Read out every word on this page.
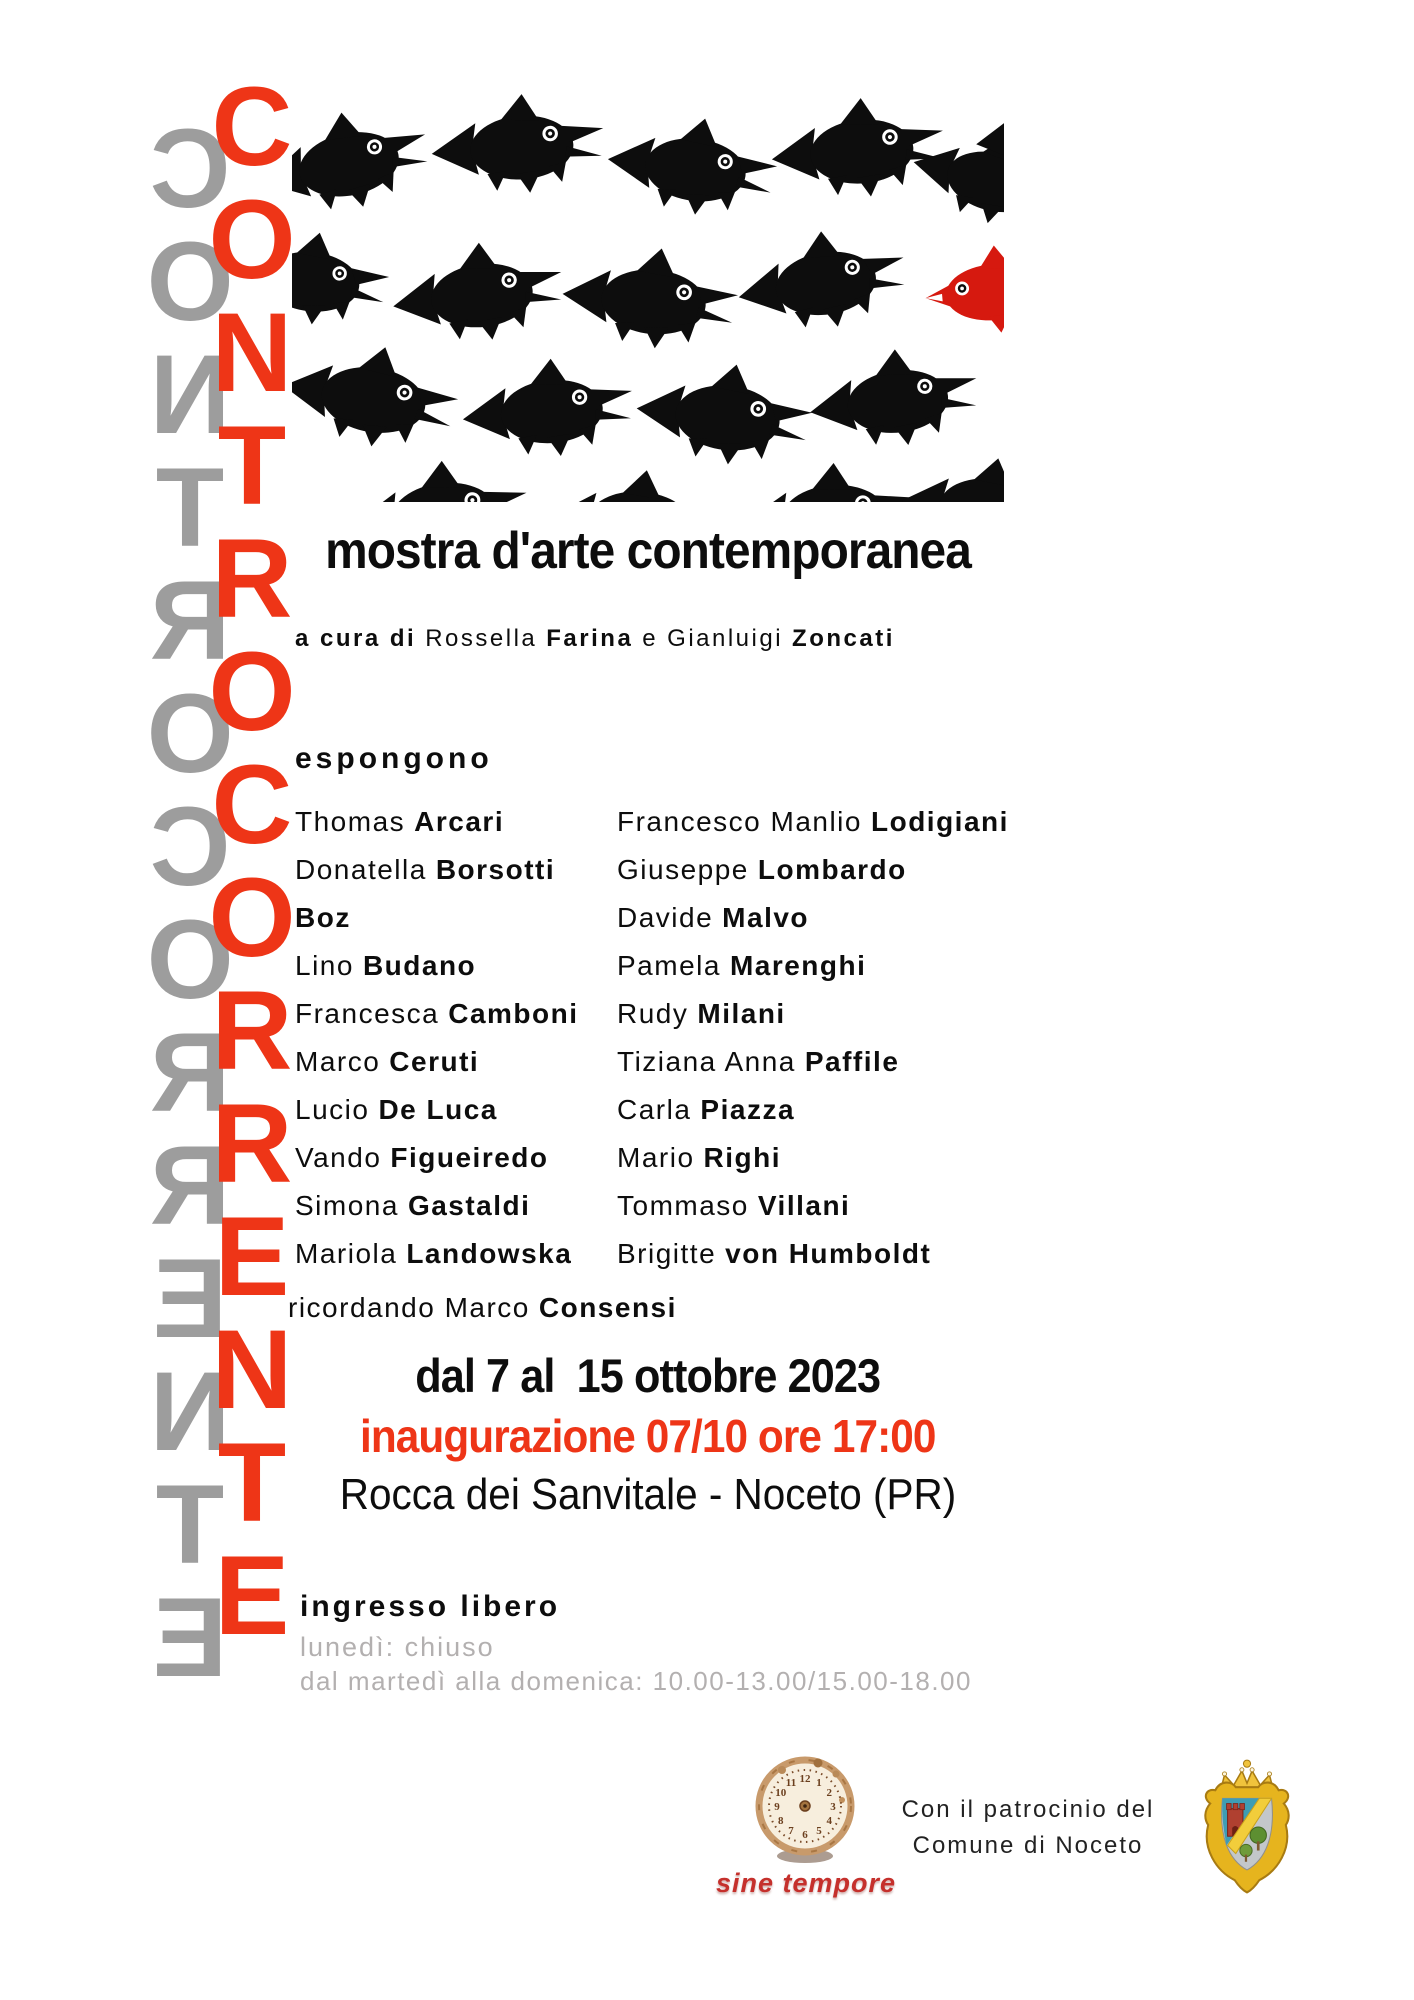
C
O
N
T
R
O
C
O
R
R
E
N
T
E
C
O
N
T
R
O
C
O
R
R
E
N
T
E
mostra d'arte contemporanea
a cura di Rossella Farina e Gianluigi Zoncati
espongono
Thomas Arcari
Donatella Borsotti
Boz
Lino Budano
Francesca Camboni
Marco Ceruti
Lucio De Luca
Vando Figueiredo
Simona Gastaldi
Mariola Landowska
Francesco Manlio Lodigiani
Giuseppe Lombardo
Davide Malvo
Pamela Marenghi
Rudy Milani
Tiziana Anna Paffile
Carla Piazza
Mario Righi
Tommaso Villani
Brigitte von Humboldt
ricordando Marco Consensi
dal 7 al  15 ottobre 2023
inaugurazione 07/10 ore 17:00
Rocca dei Sanvitale - Noceto (PR)
ingresso libero
lunedì: chiuso
dal martedì alla domenica: 10.00-13.00/15.00-18.00
12 1
2
3
4
5
6
7
8
9
10
11
sine tempore
Con il patrocinio del
Comune di Noceto
